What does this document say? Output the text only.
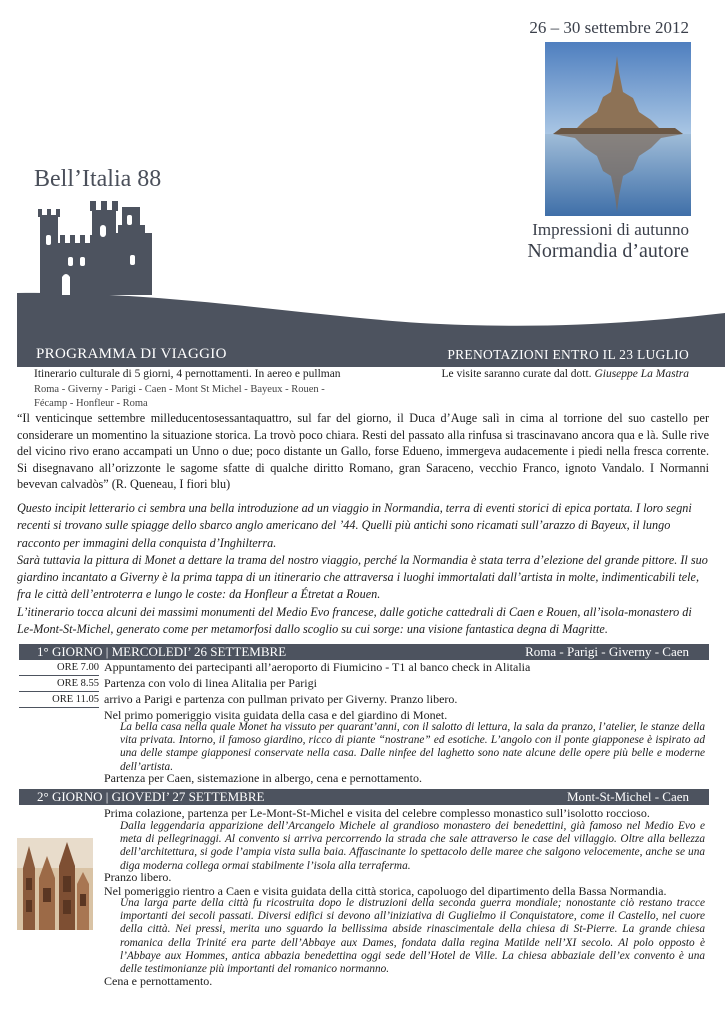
26 – 30 settembre 2012
Bell’Italia 88
Impressioni di autunno
Normandia d’autore
PROGRAMMA DI VIAGGIO	PRENOTAZIONI ENTRO IL 23 LUGLIO
Itinerario culturale di 5 giorni, 4 pernottamenti. In aereo e pullman
Roma - Giverny - Parigi - Caen - Mont St Michel - Bayeux - Rouen -
Fécamp - Honfleur - Roma
Le visite saranno curate dal dott. Giuseppe La Mastra
“Il venticinque settembre milleducentosessantaquattro, sul far del giorno, il Duca d’Auge salì in cima al torrione del suo castello per considerare un momentino la situazione storica. La trovò poco chiara. Resti del passato alla rinfusa si trascinavano ancora qua e là. Sulle rive del vicino rivo erano accampati un Unno o due; poco distante un Gallo, forse Edueno, immergeva audacemente i piedi nella fresca corrente. Si disegnavano all’orizzonte le sagome sfatte di qualche diritto Romano, gran Saraceno, vecchio Franco, ignoto Vandalo. I Normanni bevevan calvadòs” (R. Queneau, I fiori blu)

Questo incipit letterario ci sembra una bella introduzione ad un viaggio in Normandia, terra di eventi storici di epica portata. I loro segni recenti si trovano sulle spiagge dello sbarco anglo americano del ’44. Quelli più antichi sono ricamati sull’arazzo di Bayeux, il lungo racconto per immagini della conquista d’Inghilterra.

Sarà tuttavia la pittura di Monet a dettare la trama del nostro viaggio, perché la Normandia è stata terra d’elezione del grande pittore. Il suo giardino incantato a Giverny è la prima tappa di un itinerario che attraversa i luoghi immortalati dall’artista in molte, indimenticabili tele, fra le città dell’entroterra e lungo le coste: da Honfleur a Étretat a Rouen.

L’itinerario tocca alcuni dei massimi monumenti del Medio Evo francese, dalle gotiche cattedrali di Caen e Rouen, all’isola-monastero di Le-Mont-St-Michel, generato come per metamorfosi dallo scoglio su cui sorge: una visione fantastica degna di Magritte.

1° GIORNO | MERCOLEDI’ 26 SETTEMBRE	Roma - Parigi - Giverny - Caen
ORE 7.00 Appuntamento dei partecipanti all’aeroporto di Fiumicino - T1 al banco check in Alitalia
ORE 8.55 Partenza con volo di linea Alitalia per Parigi
ORE 11.05 arrivo a Parigi e partenza con pullman privato per Giverny. Pranzo libero.
Nel primo pomeriggio visita guidata della casa e del giardino di Monet.
La bella casa nella quale Monet ha vissuto per quarant’anni, con il salotto di lettura, la sala da pranzo, l’atelier, le stanze della vita privata. Intorno, il famoso giardino, ricco di piante “nostrane” ed esotiche. L’angolo con il ponte giapponese è ispirato ad una delle stampe giapponesi conservate nella casa. Dalle ninfee del laghetto sono nate alcune delle opere più belle e moderne dell’artista.
Partenza per Caen, sistemazione in albergo, cena e pernottamento.
2° GIORNO | GIOVEDI’ 27 SETTEMBRE	Mont-St-Michel - Caen
Prima colazione, partenza per Le-Mont-St-Michel e visita del celebre complesso monastico sull’isolotto roccioso.
Dalla leggendaria apparizione dell’Arcangelo Michele al grandioso monastero dei benedettini, già famoso nel Medio Evo e meta di pellegrinaggi. Al convento si arriva percorrendo la strada che sale attraverso le case del villaggio. Oltre alla bellezza dell’architettura, si gode l’ampia vista sulla baia. Affascinante lo spettacolo delle maree che salgono velocemente, anche se una diga moderna collega ormai stabilmente l’isola alla terraferma.
Pranzo libero.
Nel pomeriggio rientro a Caen e visita guidata della città storica, capoluogo del dipartimento della Bassa Normandia.
Una larga parte della città fu ricostruita dopo le distruzioni della seconda guerra mondiale; nonostante ciò restano tracce importanti dei secoli passati. Diversi edifici si devono all’iniziativa di Guglielmo il Conquistatore, come il Castello, nel cuore della città. Nei pressi, merita uno sguardo la bellissima abside rinascimentale della chiesa di St-Pierre. La grande chiesa romanica della Trinité era parte dell’Abbaye aux Dames, fondata dalla regina Matilde nell’XI secolo. Al polo opposto è l’Abbaye aux Hommes, antica abbazia benedettina oggi sede dell’Hotel de Ville. La chiesa abbaziale dell’ex convento è una delle testimonianze più importanti del romanico normanno.
Cena e pernottamento.
